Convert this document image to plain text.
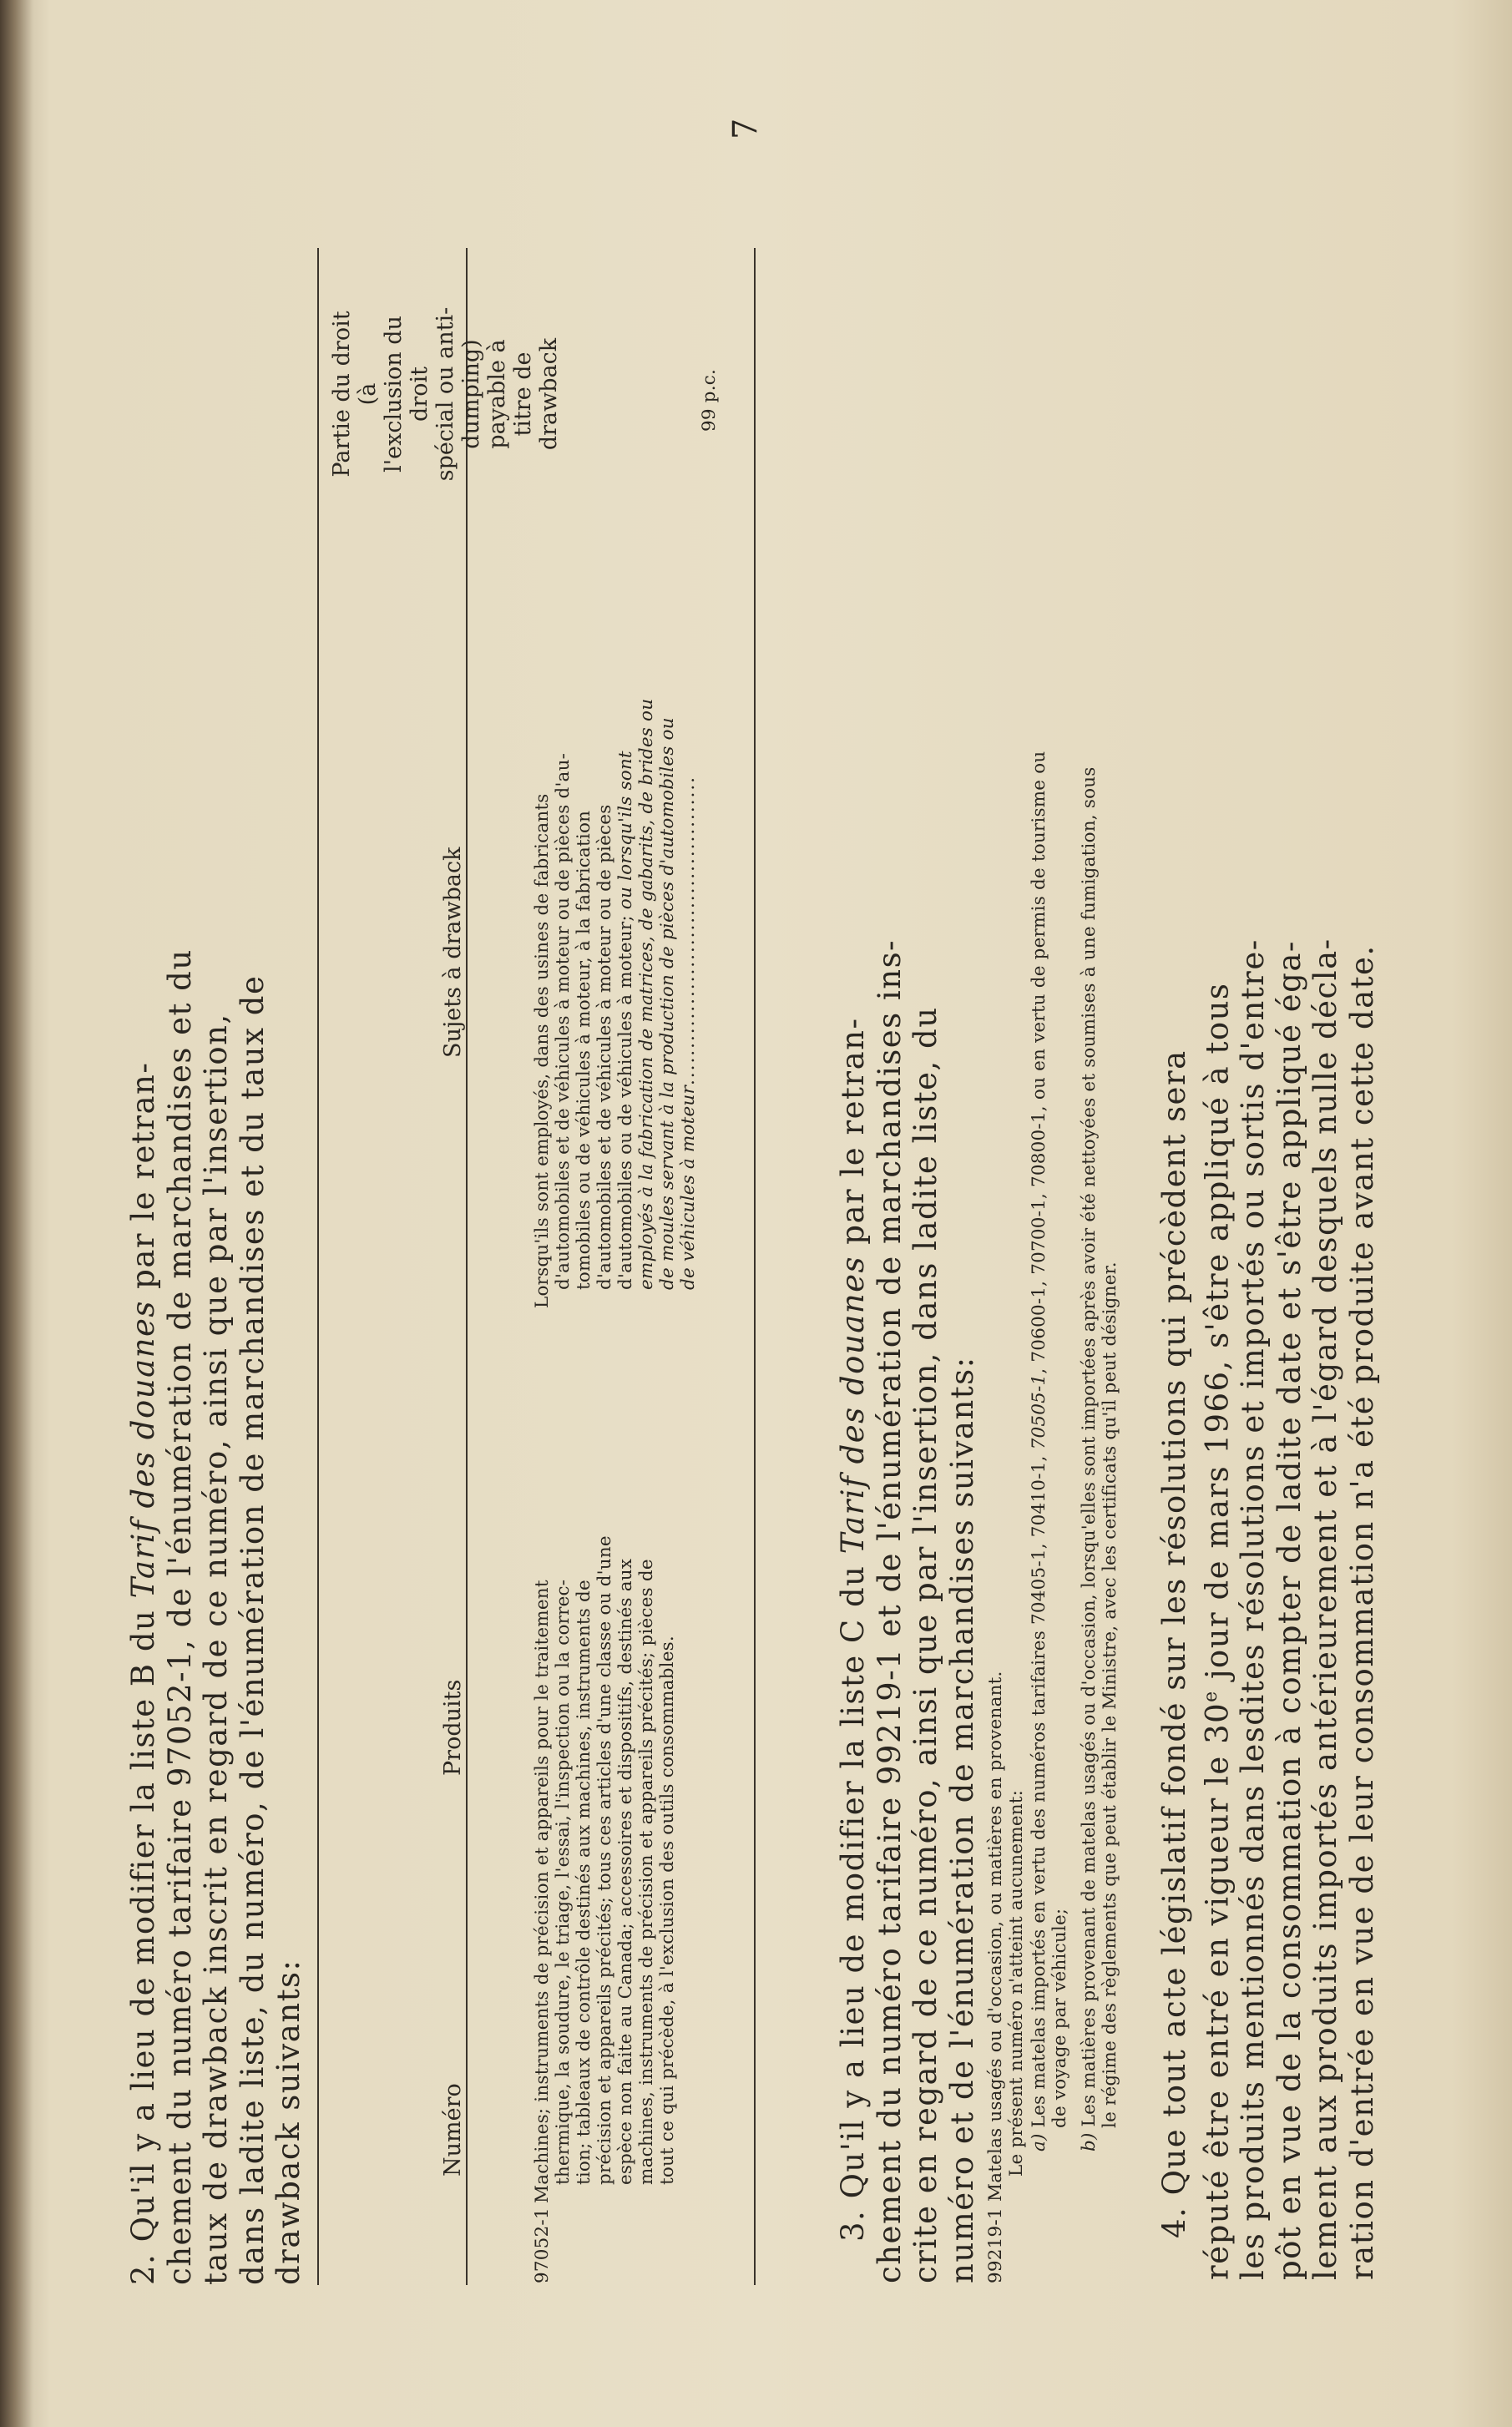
7
2. Qu'il y a lieu de modifier la liste B du Tarif des douanes par le retran- chement du numéro tarifaire 97052-1, de l'énumération de marchandises et du taux de drawback inscrit en regard de ce numéro, ainsi que par l'insertion, dans ladite liste, du numéro, de l'énumération de marchandises et du taux de drawback suivants:	Numéro
Produits
Sujets à drawback
Partie du droit (à l'exclusion du droit spécial ou anti- dumping) payable à titre de drawback
97052-1
Machines; instruments de précision et appareils pour le traitement thermique, la soudure, le triage, l'essai, l'inspection ou la correc- tion; tableaux de contrôle destinés aux machines, instruments de précision et appareils précités; tous ces articles d'une classe ou d'une espèce non faite au Canada; accessoires et dispositifs, destinés aux machines, instruments de précision et appareils précités; pièces de tout ce qui précède, à l'exclusion des outils consommables.
Lorsqu'ils sont employés, dans des usines de fabricants d'automobiles et de véhicules à moteur ou de pièces d'au- tomobiles ou de véhicules à moteur, à la fabrication d'automobiles et de véhicules à moteur ou de pièces d'automobiles ou de véhicules à moteur; ou lorsqu'ils sont employés à la fabrication de matrices, de gabarits, de brides ou de moules servant à la production de pièces d'automobiles ou de véhicules à moteur..........................................
99 p.c.
3. Qu'il y a lieu de modifier la liste C du Tarif des douanes par le retran- chement du numéro tarifaire 99219-1 et de l'énumération de marchandises ins- crite en regard de ce numéro, ainsi que par l'insertion, dans ladite liste, du numéro et de l'énumération de marchandises suivants: 99219-1
Matelas usagés ou d'occasion, ou matières en provenant. Le présent numéro n'atteint aucunement: a) Les matelas importés en vertu des numéros tarifaires 70405-1, 70410-1, 70505-1, 70600-1, 70700-1, 70800-1, ou en vertu de permis de tourisme ou
de voyage par véhicule;
b) Les matières provenant de matelas usagés ou d'occasion, lorsqu'elles sont importées après avoir été nettoyées et soumises à une fumigation, sous le régime des règlements que peut établir le Ministre, avec les certificats qu'il peut désigner. 4. Que tout acte législatif fondé sur les résolutions qui précèdent sera réputé être entré en vigueur le 30e jour de mars 1966, s'être appliqué à tous les produits mentionnés dans lesdites résolutions et importés ou sortis d'entre- pôt en vue de la consommation à compter de ladite date et s'être appliqué éga- lement aux produits importés antérieurement et à l'égard desquels nulle décla- ration d'entrée en vue de leur consommation n'a été produite avant cette date.
